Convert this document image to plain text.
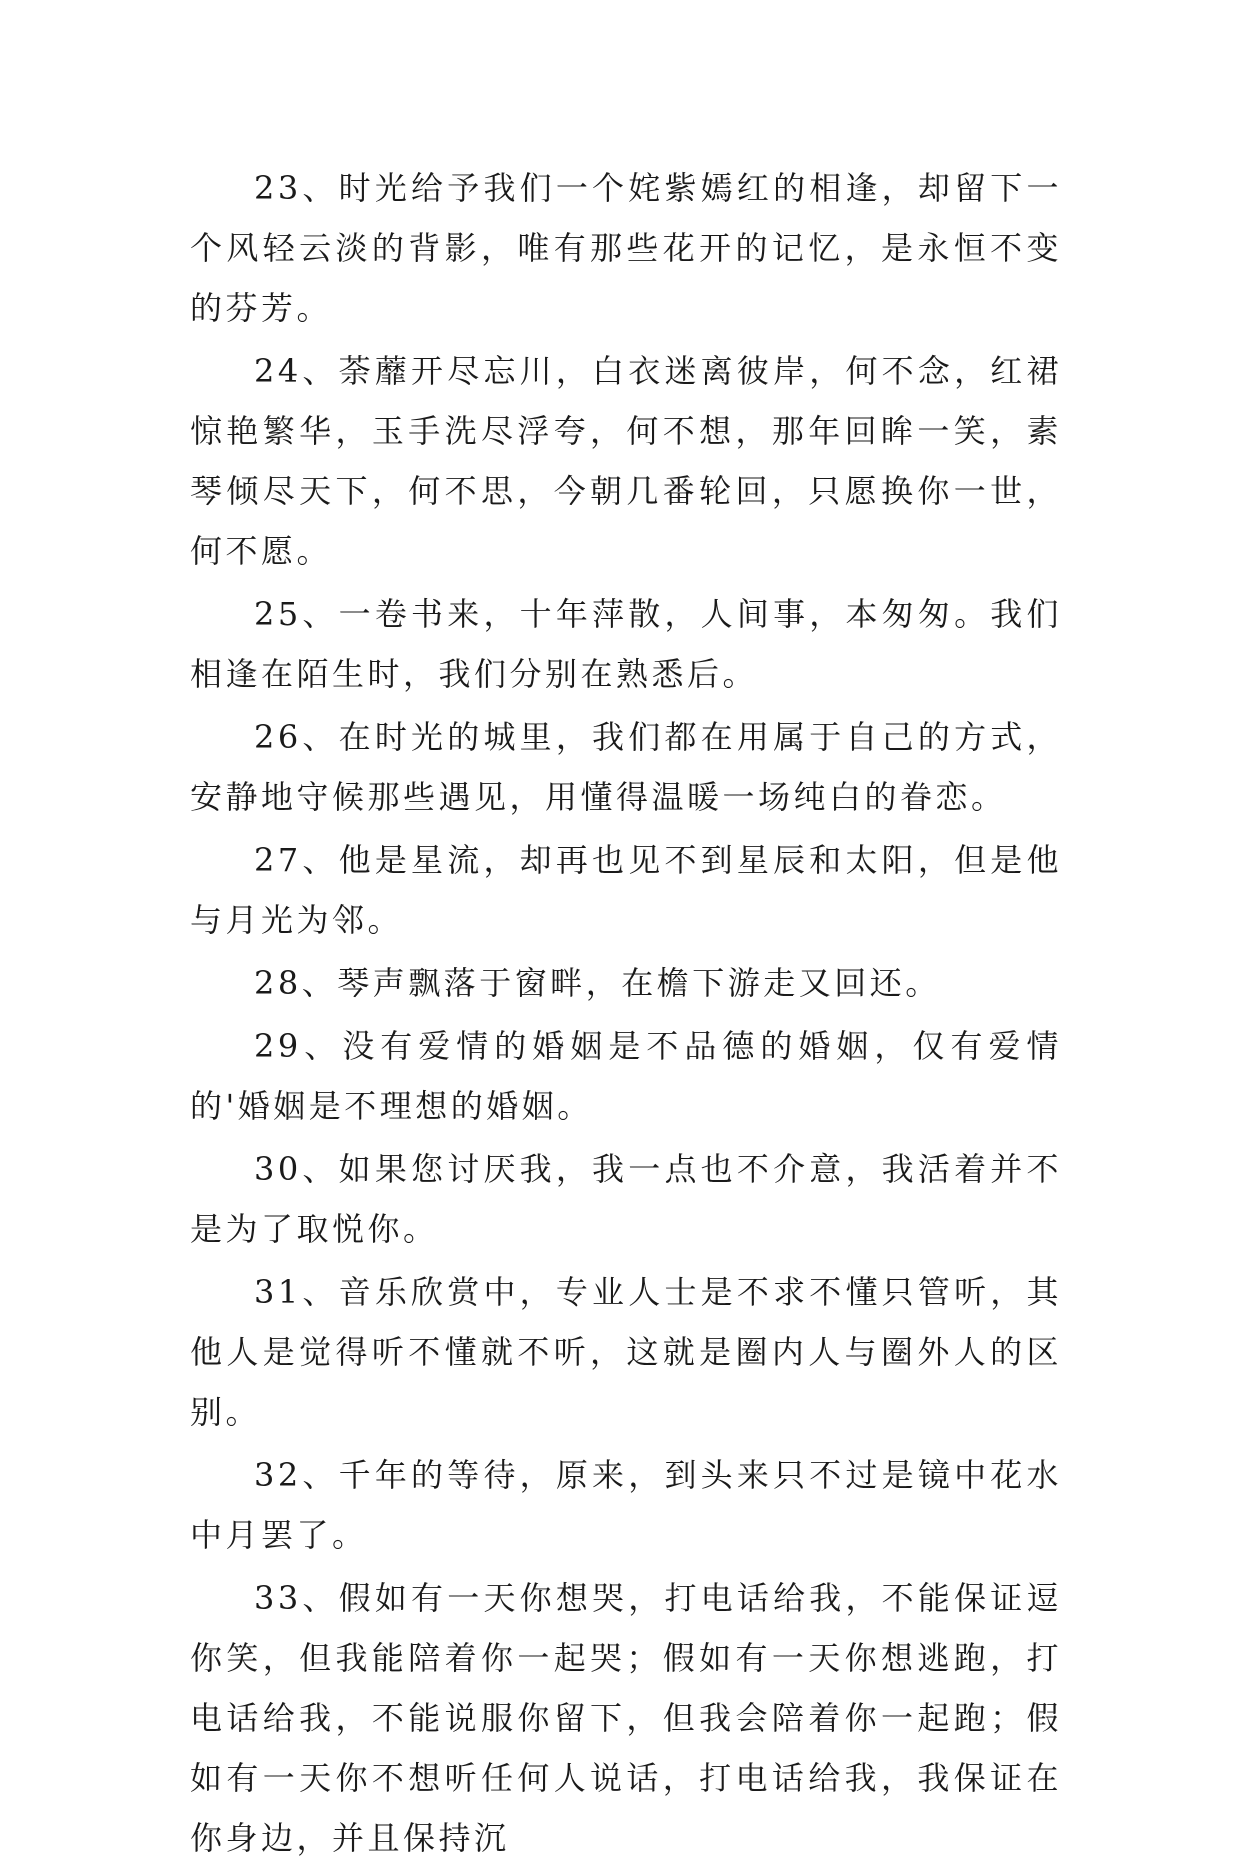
23、时光给予我们一个姹紫嫣红的相逢，却留下一个风轻云淡的背影，唯有那些花开的记忆，是永恒不变的芬芳。

24、荼蘼开尽忘川，白衣迷离彼岸，何不念，红裙惊艳繁华，玉手洗尽浮夸，何不想，那年回眸一笑，素琴倾尽天下，何不思，今朝几番轮回，只愿换你一世，何不愿。

25、一卷书来，十年萍散，人间事，本匆匆。我们相逢在陌生时，我们分别在熟悉后。

26、在时光的城里，我们都在用属于自己的方式，安静地守候那些遇见，用懂得温暖一场纯白的眷恋。

27、他是星流，却再也见不到星辰和太阳，但是他与月光为邻。

28、琴声飘落于窗畔，在檐下游走又回还。

29、没有爱情的婚姻是不品德的婚姻，仅有爱情的'婚姻是不理想的婚姻。

30、如果您讨厌我，我一点也不介意，我活着并不是为了取悦你。

31、音乐欣赏中，专业人士是不求不懂只管听，其他人是觉得听不懂就不听，这就是圈内人与圈外人的区别。

32、千年的等待，原来，到头来只不过是镜中花水中月罢了。

33、假如有一天你想哭，打电话给我，不能保证逗你笑，但我能陪着你一起哭；假如有一天你想逃跑，打电话给我，不能说服你留下，但我会陪着你一起跑；假如有一天你不想听任何人说话，打电话给我，我保证在你身边，并且保持沉
